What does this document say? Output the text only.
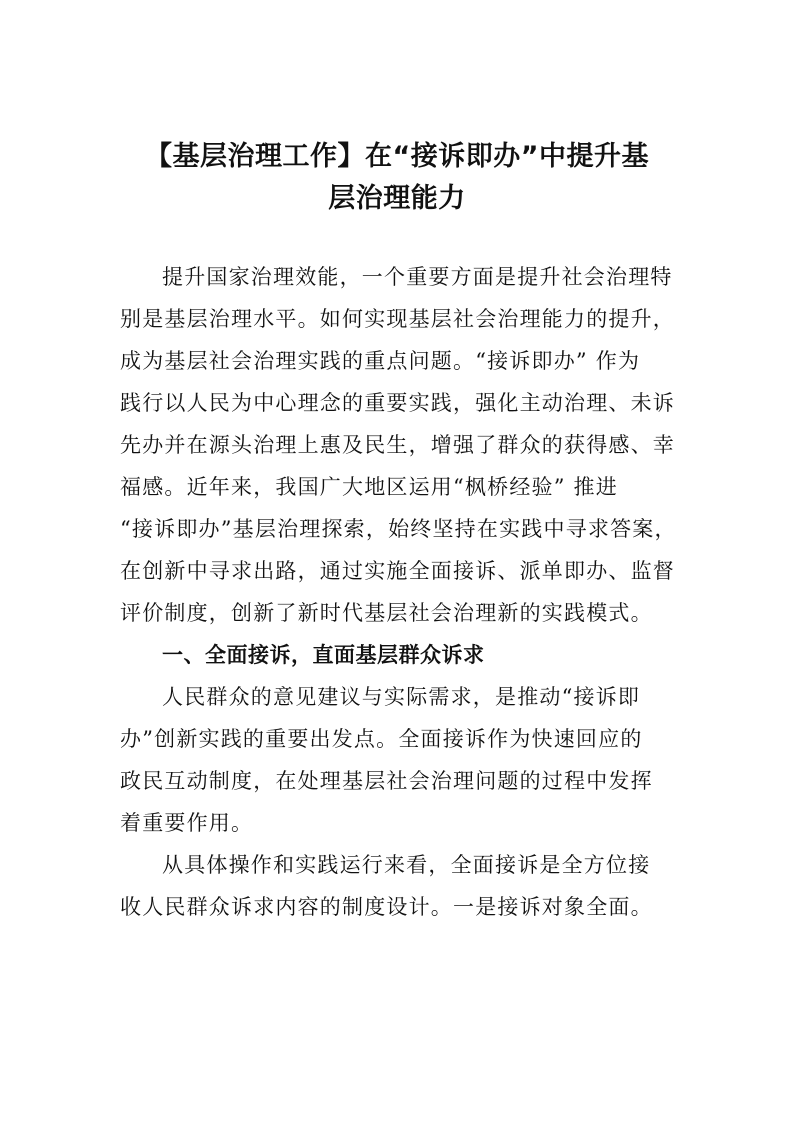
【基层治理工作】在“接诉即办”中提升基
层治理能力
提升国家治理效能，一个重要方面是提升社会治理特
别是基层治理水平。如何实现基层社会治理能力的提升，
成为基层社会治理实践的重点问题。“接诉即办” 作为
践行以人民为中心理念的重要实践，强化主动治理、未诉
先办并在源头治理上惠及民生，增强了群众的获得感、幸
福感。近年来，我国广大地区运用“枫桥经验” 推进
“接诉即办”基层治理探索，始终坚持在实践中寻求答案，
在创新中寻求出路，通过实施全面接诉、派单即办、监督
评价制度，创新了新时代基层社会治理新的实践模式。
一、全面接诉，直面基层群众诉求
人民群众的意见建议与实际需求，是推动“接诉即
办”创新实践的重要出发点。全面接诉作为快速回应的
政民互动制度，在处理基层社会治理问题的过程中发挥
着重要作用。
从具体操作和实践运行来看，全面接诉是全方位接
收人民群众诉求内容的制度设计。一是接诉对象全面。
